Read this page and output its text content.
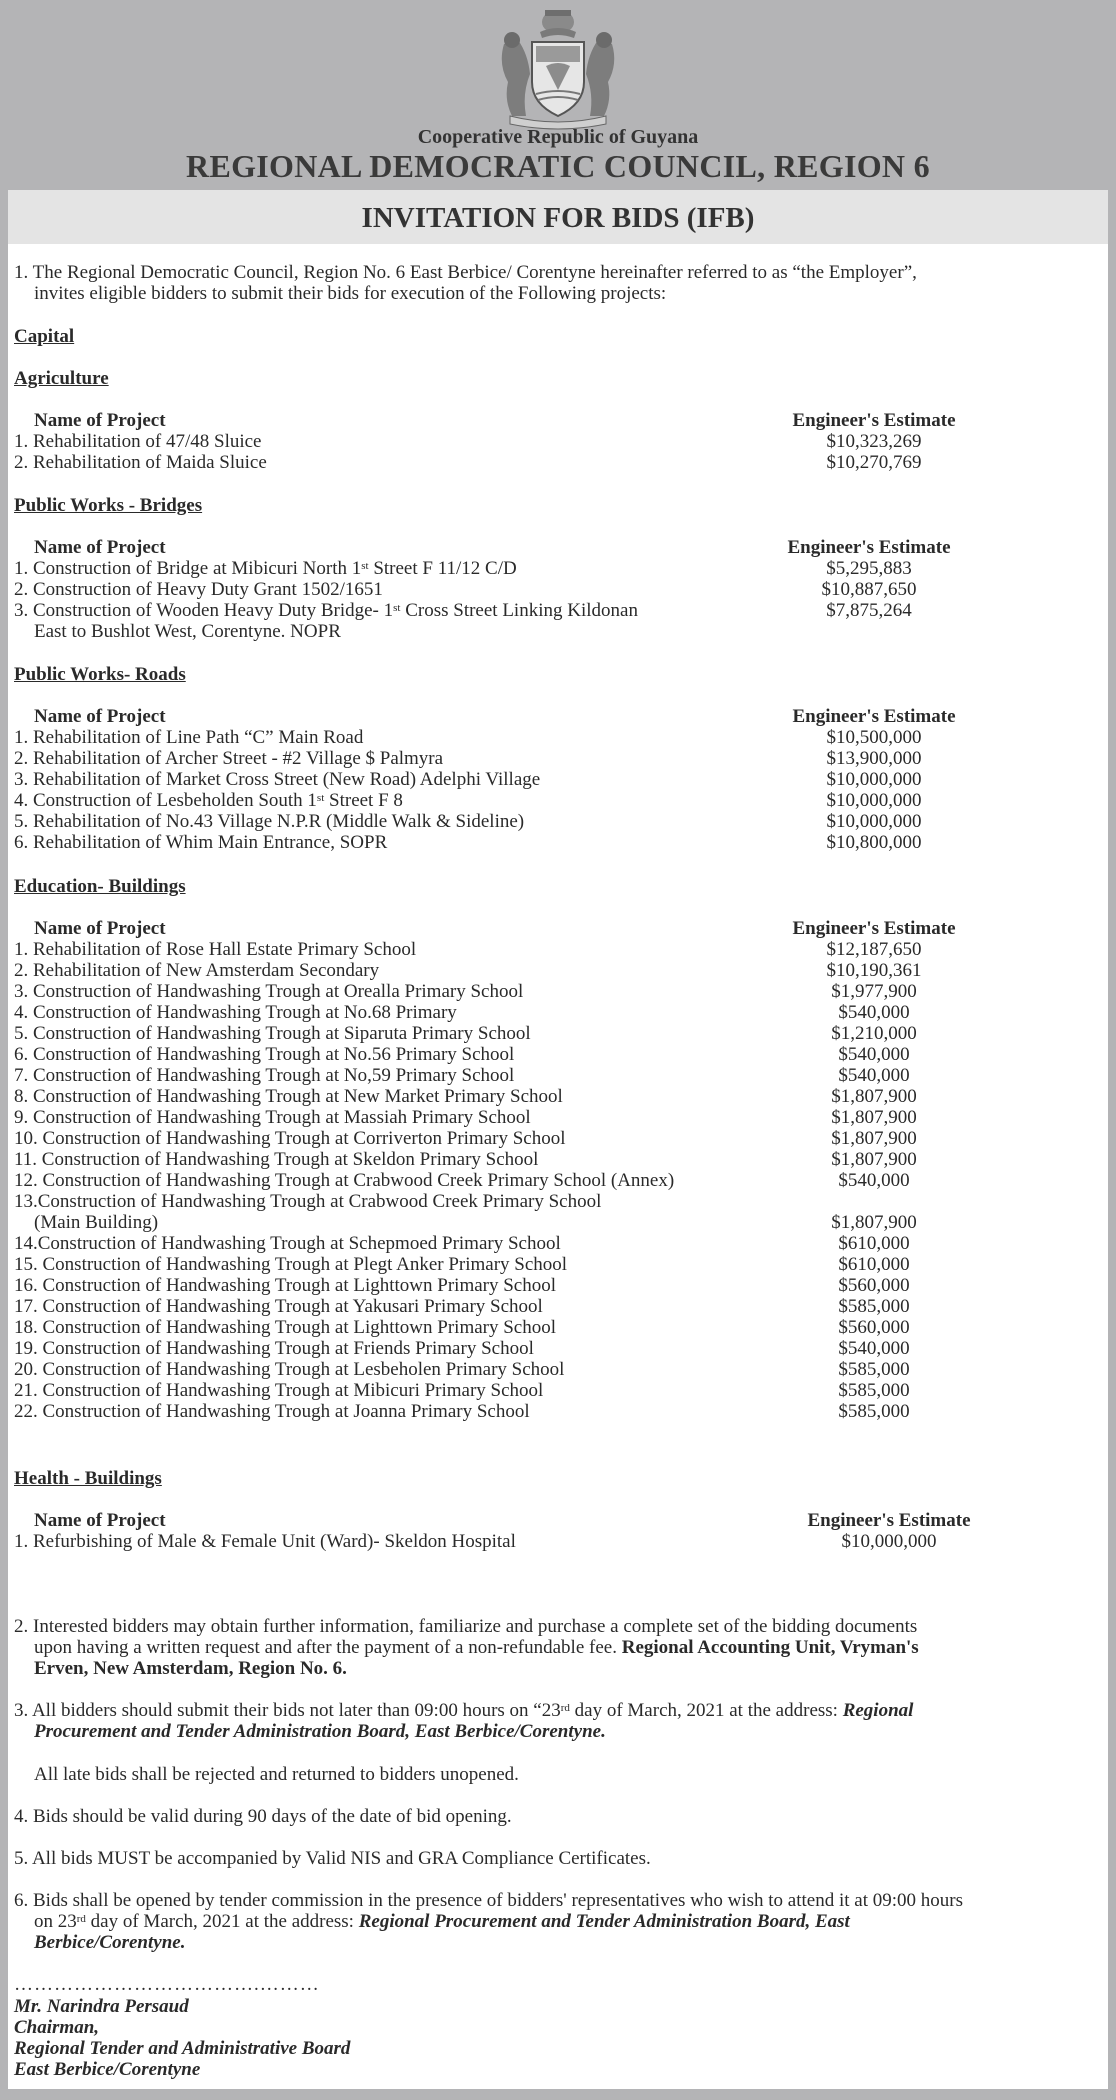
Cooperative Republic of Guyana
REGIONAL DEMOCRATIC COUNCIL, REGION 6
INVITATION FOR BIDS (IFB)
1. The Regional Democratic Council, Region No. 6 East Berbice/ Corentyne hereinafter referred to as “the Employer”,
invites eligible bidders to submit their bids for execution of the Following projects:
Capital
Agriculture
Name of Project	Engineer's Estimate
1. Rehabilitation of 47/48 Sluice	$10,323,269
2. Rehabilitation of Maida Sluice	$10,270,769
Public Works - Bridges
Name of Project	Engineer's Estimate
1. Construction of Bridge at Mibicuri North 1st Street F 11/12 C/D	$5,295,883
2. Construction of Heavy Duty Grant 1502/1651	$10,887,650
3. Construction of Wooden Heavy Duty Bridge- 1st Cross Street Linking Kildonan	$7,875,264
East to Bushlot West, Corentyne. NOPR
Public Works- Roads
Name of Project	Engineer's Estimate
1. Rehabilitation of Line Path “C” Main Road	$10,500,000
2. Rehabilitation of Archer Street - #2 Village $ Palmyra	$13,900,000
3. Rehabilitation of Market Cross Street (New Road) Adelphi Village	$10,000,000
4. Construction of Lesbeholden South 1st Street F 8	$10,000,000
5. Rehabilitation of No.43 Village N.P.R (Middle Walk & Sideline)	$10,000,000
6. Rehabilitation of Whim Main Entrance, SOPR	$10,800,000
Education- Buildings
Name of Project	Engineer's Estimate
1. Rehabilitation of Rose Hall Estate Primary School	$12,187,650
2. Rehabilitation of New Amsterdam Secondary	$10,190,361
3. Construction of Handwashing Trough at Orealla Primary School	$1,977,900
4. Construction of Handwashing Trough at No.68 Primary	$540,000
5. Construction of Handwashing Trough at Siparuta Primary School	$1,210,000
6. Construction of Handwashing Trough at No.56 Primary School	$540,000
7. Construction of Handwashing Trough at No,59 Primary School	$540,000
8. Construction of Handwashing Trough at New Market Primary School	$1,807,900
9. Construction of Handwashing Trough at Massiah Primary School	$1,807,900
10. Construction of Handwashing Trough at Corriverton Primary School	$1,807,900
11. Construction of Handwashing Trough at Skeldon Primary School	$1,807,900
12. Construction of Handwashing Trough at Crabwood Creek Primary School (Annex)	$540,000
13.Construction of Handwashing Trough at Crabwood Creek Primary School
(Main Building)	$1,807,900
14.Construction of Handwashing Trough at Schepmoed Primary School	$610,000
15. Construction of Handwashing Trough at Plegt Anker Primary School	$610,000
16. Construction of Handwashing Trough at Lighttown Primary School	$560,000
17. Construction of Handwashing Trough at Yakusari Primary School	$585,000
18. Construction of Handwashing Trough at Lighttown Primary School	$560,000
19. Construction of Handwashing Trough at Friends Primary School	$540,000
20. Construction of Handwashing Trough at Lesbeholen Primary School	$585,000
21. Construction of Handwashing Trough at Mibicuri Primary School	$585,000
22. Construction of Handwashing Trough at Joanna Primary School	$585,000
Health - Buildings
Name of Project	Engineer's Estimate
1. Refurbishing of Male & Female Unit (Ward)- Skeldon Hospital	$10,000,000
2. Interested bidders may obtain further information, familiarize and purchase a complete set of the bidding documents
upon having a written request and after the payment of a non-refundable fee. Regional Accounting Unit, Vryman's
Erven, New Amsterdam, Region No. 6.
3. All bidders should submit their bids not later than 09:00 hours on “23rd day of March, 2021 at the address: Regional
Procurement and Tender Administration Board, East Berbice/Corentyne.
All late bids shall be rejected and returned to bidders unopened.
4. Bids should be valid during 90 days of the date of bid opening.
5. All bids MUST be accompanied by Valid NIS and GRA Compliance Certificates.
6. Bids shall be opened by tender commission in the presence of bidders' representatives who wish to attend it at 09:00 hours
on 23rd day of March, 2021 at the address: Regional Procurement and Tender Administration Board, East
Berbice/Corentyne.
……………………………….………
Mr. Narindra Persaud
Chairman,
Regional Tender and Administrative Board
East Berbice/Corentyne
